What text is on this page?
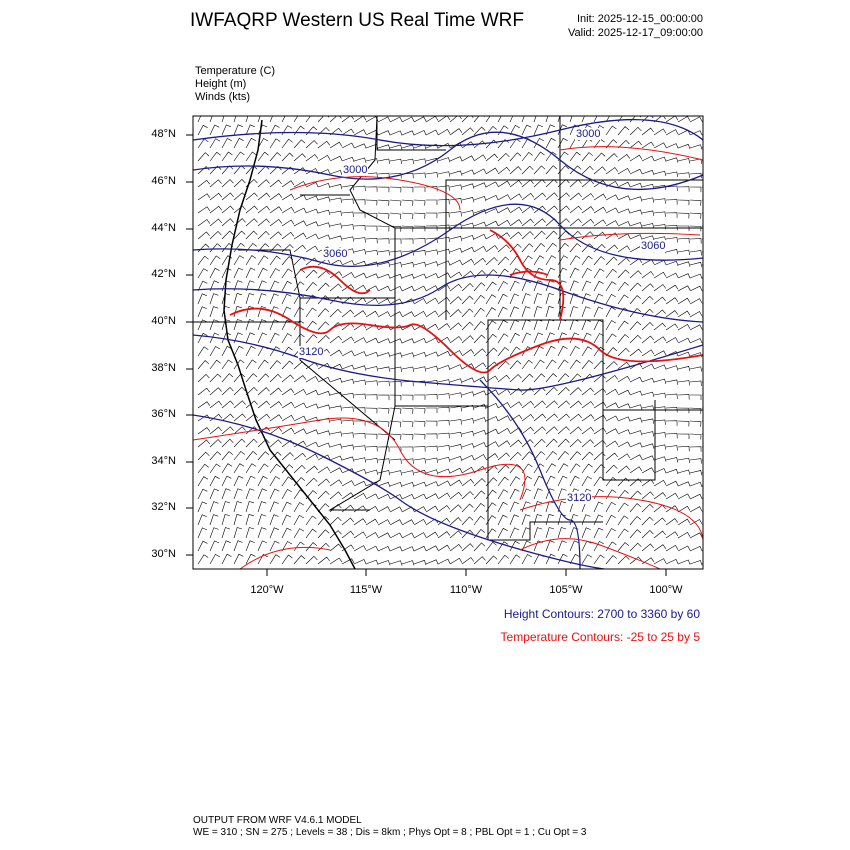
IWFAQRP Western US Real Time WRF	Init: 2025-12-15_00:00:00
Valid: 2025-12-17_09:00:00
Temperature (C)
Height (m)
Winds (kts)
48°N
46°N
44°N
42°N
40°N
38°N
36°N
34°N
32°N
30°N
120°W	115°W	110°W	105°W	100°W
3000
3060
3120
3000
3060
3120
Height Contours: 2700 to 3360 by 60
Temperature Contours: -25 to 25 by 5
OUTPUT FROM WRF V4.6.1 MODEL
WE = 310 ; SN = 275 ; Levels = 38 ; Dis = 8km ; Phys Opt = 8 ; PBL Opt = 1 ; Cu Opt = 3
